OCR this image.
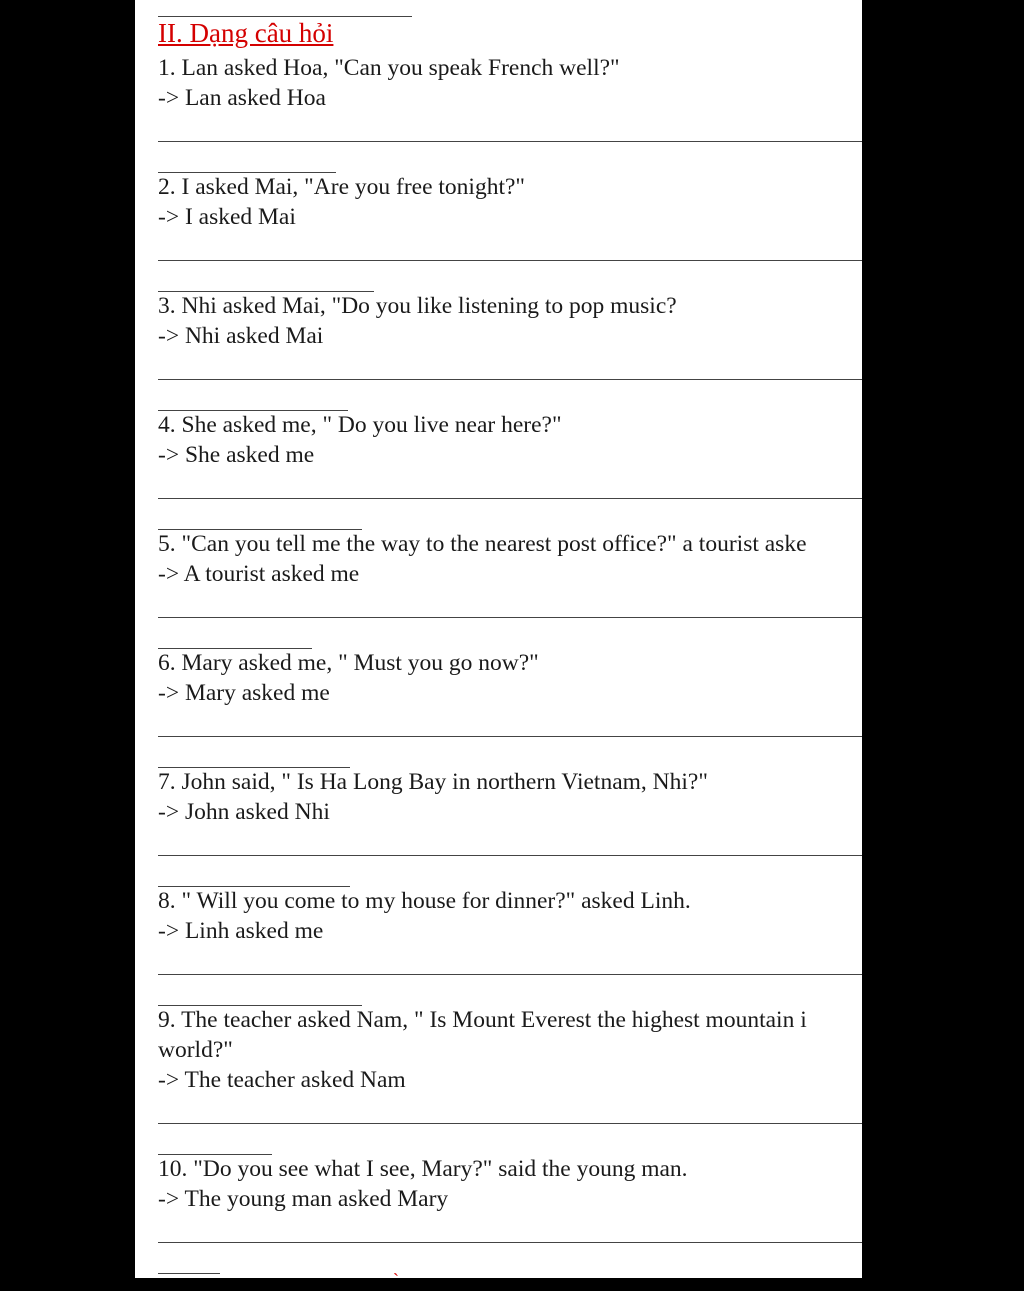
II. Dạng câu hỏi
1. Lan asked Hoa, "Can you speak French well?"
-> Lan asked Hoa
2. I asked Mai, "Are you free tonight?"
-> I asked Mai
3. Nhi asked Mai, "Do you like listening to pop music?
-> Nhi asked Mai
4. She asked me, " Do you live near here?"
-> She asked me
5. "Can you tell me the way to the nearest post office?" a tourist aske
-> A tourist asked me
6. Mary asked me, " Must you go now?"
-> Mary asked me
7. John said, " Is Ha Long Bay in northern Vietnam, Nhi?"
-> John asked Nhi
8. " Will you come to my house for dinner?" asked Linh.
-> Linh asked me
9. The teacher asked Nam, " Is Mount Everest the highest mountain i
world?"
-> The teacher asked Nam
10. "Do you see what I see, Mary?" said the young man.
-> The young man asked Mary
`
